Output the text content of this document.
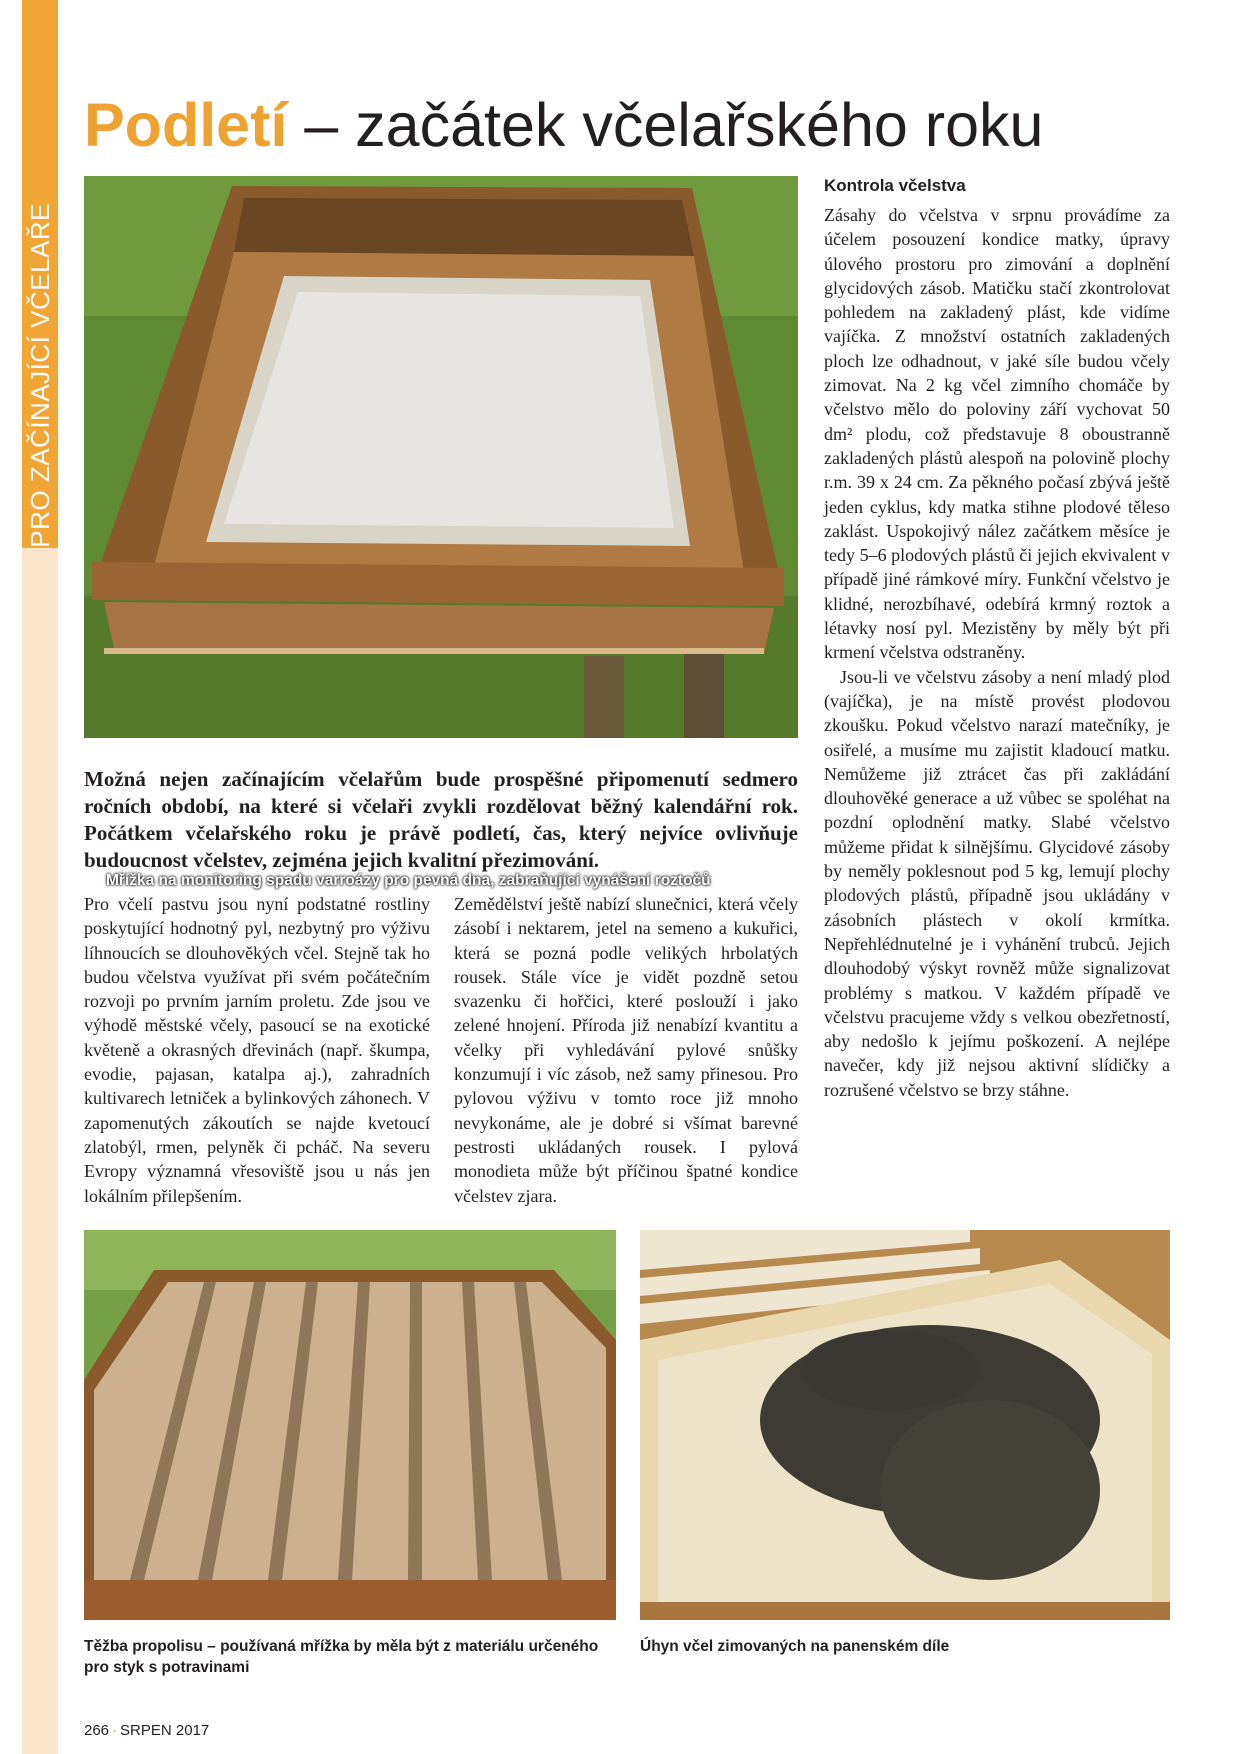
PRO ZAČÍNAJÍCÍ VČELAŘE
Podletí – začátek včelařského roku
Mřížka na monitoring spadu varroázy pro pevná dna, zabraňující vynášení roztočů

Možná nejen začínajícím včelařům bude prospěšné připomenutí sedmero ročních období, na které si včelaři zvykli rozdělovat běžný kalendářní rok. Počátkem včelařského roku je právě podletí, čas, který nejvíce ovlivňuje budoucnost včelstev, zejména jejich kvalitní přezimování.

Pro včelí pastvu jsou nyní podstatné rostliny poskytující hodnotný pyl, nezbytný pro výživu líhnoucích se dlouhověkých včel. Stejně tak ho budou včelstva využívat při svém počátečním rozvoji po prvním jarním proletu. Zde jsou ve výhodě městské včely, pasoucí se na exotické květeně a okrasných dřevinách (např. škumpa, evodie, pajasan, katalpa aj.), zahradních kultivarech letniček a bylinkových záhonech. V zapomenutých zákoutích se najde kvetoucí zlatobýl, rmen, pelyněk či pcháč. Na severu Evropy významná vřesoviště jsou u nás jen lokálním přilepšením.

Zemědělství ještě nabízí slunečnici, která včely zásobí i nektarem, jetel na semeno a kukuřici, která se pozná podle velikých hrbolatých rousek. Stále více je vidět pozdně setou svazenku či hořčici, které poslouží i jako zelené hnojení. Příroda již nenabízí kvantitu a včelky při vyhledávání pylové snůšky konzumují i víc zásob, než samy přinesou. Pro pylovou výživu v tomto roce již mnoho nevykonáme, ale je dobré si všímat barevné pestrosti ukládaných rousek. I pylová monodieta může být příčinou špatné kondice včelstev zjara.

Kontrola včelstva

Zásahy do včelstva v srpnu provádíme za účelem posouzení kondice matky, úpravy úlového prostoru pro zimování a doplnění glycidových zásob. Matičku stačí zkontrolovat pohledem na zakladený plást, kde vidíme vajíčka. Z množství ostatních zakladených ploch lze odhadnout, v jaké síle budou včely zimovat. Na 2 kg včel zimního chomáče by včelstvo mělo do poloviny září vychovat 50 dm² plodu, což představuje 8 oboustranně zakladených plástů alespoň na polovině plochy r.m. 39 x 24 cm. Za pěkného počasí zbývá ještě jeden cyklus, kdy matka stihne plodové těleso zaklást. Uspokojivý nález začátkem měsíce je tedy 5–6 plodových plástů či jejich ekvivalent v případě jiné rámkové míry. Funkční včelstvo je klidné, nerozbíhavé, odebírá krmný roztok a létavky nosí pyl. Mezistěny by měly být při krmení včelstva odstraněny.

Jsou-li ve včelstvu zásoby a není mladý plod (vajíčka), je na místě provést plodovou zkoušku. Pokud včelstvo narazí matečníky, je osiřelé, a musíme mu zajistit kladoucí matku. Nemůžeme již ztrácet čas při zakládání dlouhověké generace a už vůbec se spoléhat na pozdní oplodnění matky. Slabé včelstvo můžeme přidat k silnějšímu. Glycidové zásoby by neměly poklesnout pod 5 kg, lemují plochy plodových plástů, případně jsou ukládány v zásobních plástech v okolí krmítka. Nepřehlédnutelné je i vyhánění trubců. Jejich dlouhodobý výskyt rovněž může signalizovat problémy s matkou. V každém případě ve včelstvu pracujeme vždy s velkou obezřetností, aby nedošlo k jejímu poškození. A nejlépe navečer, kdy již nejsou aktivní slídičky a rozrušené včelstvo se brzy stáhne.

Těžba propolisu – používaná mřížka by měla být z materiálu určeného pro styk s potravinami

Úhyn včel zimovaných na panenském díle

266 · SRPEN 2017
